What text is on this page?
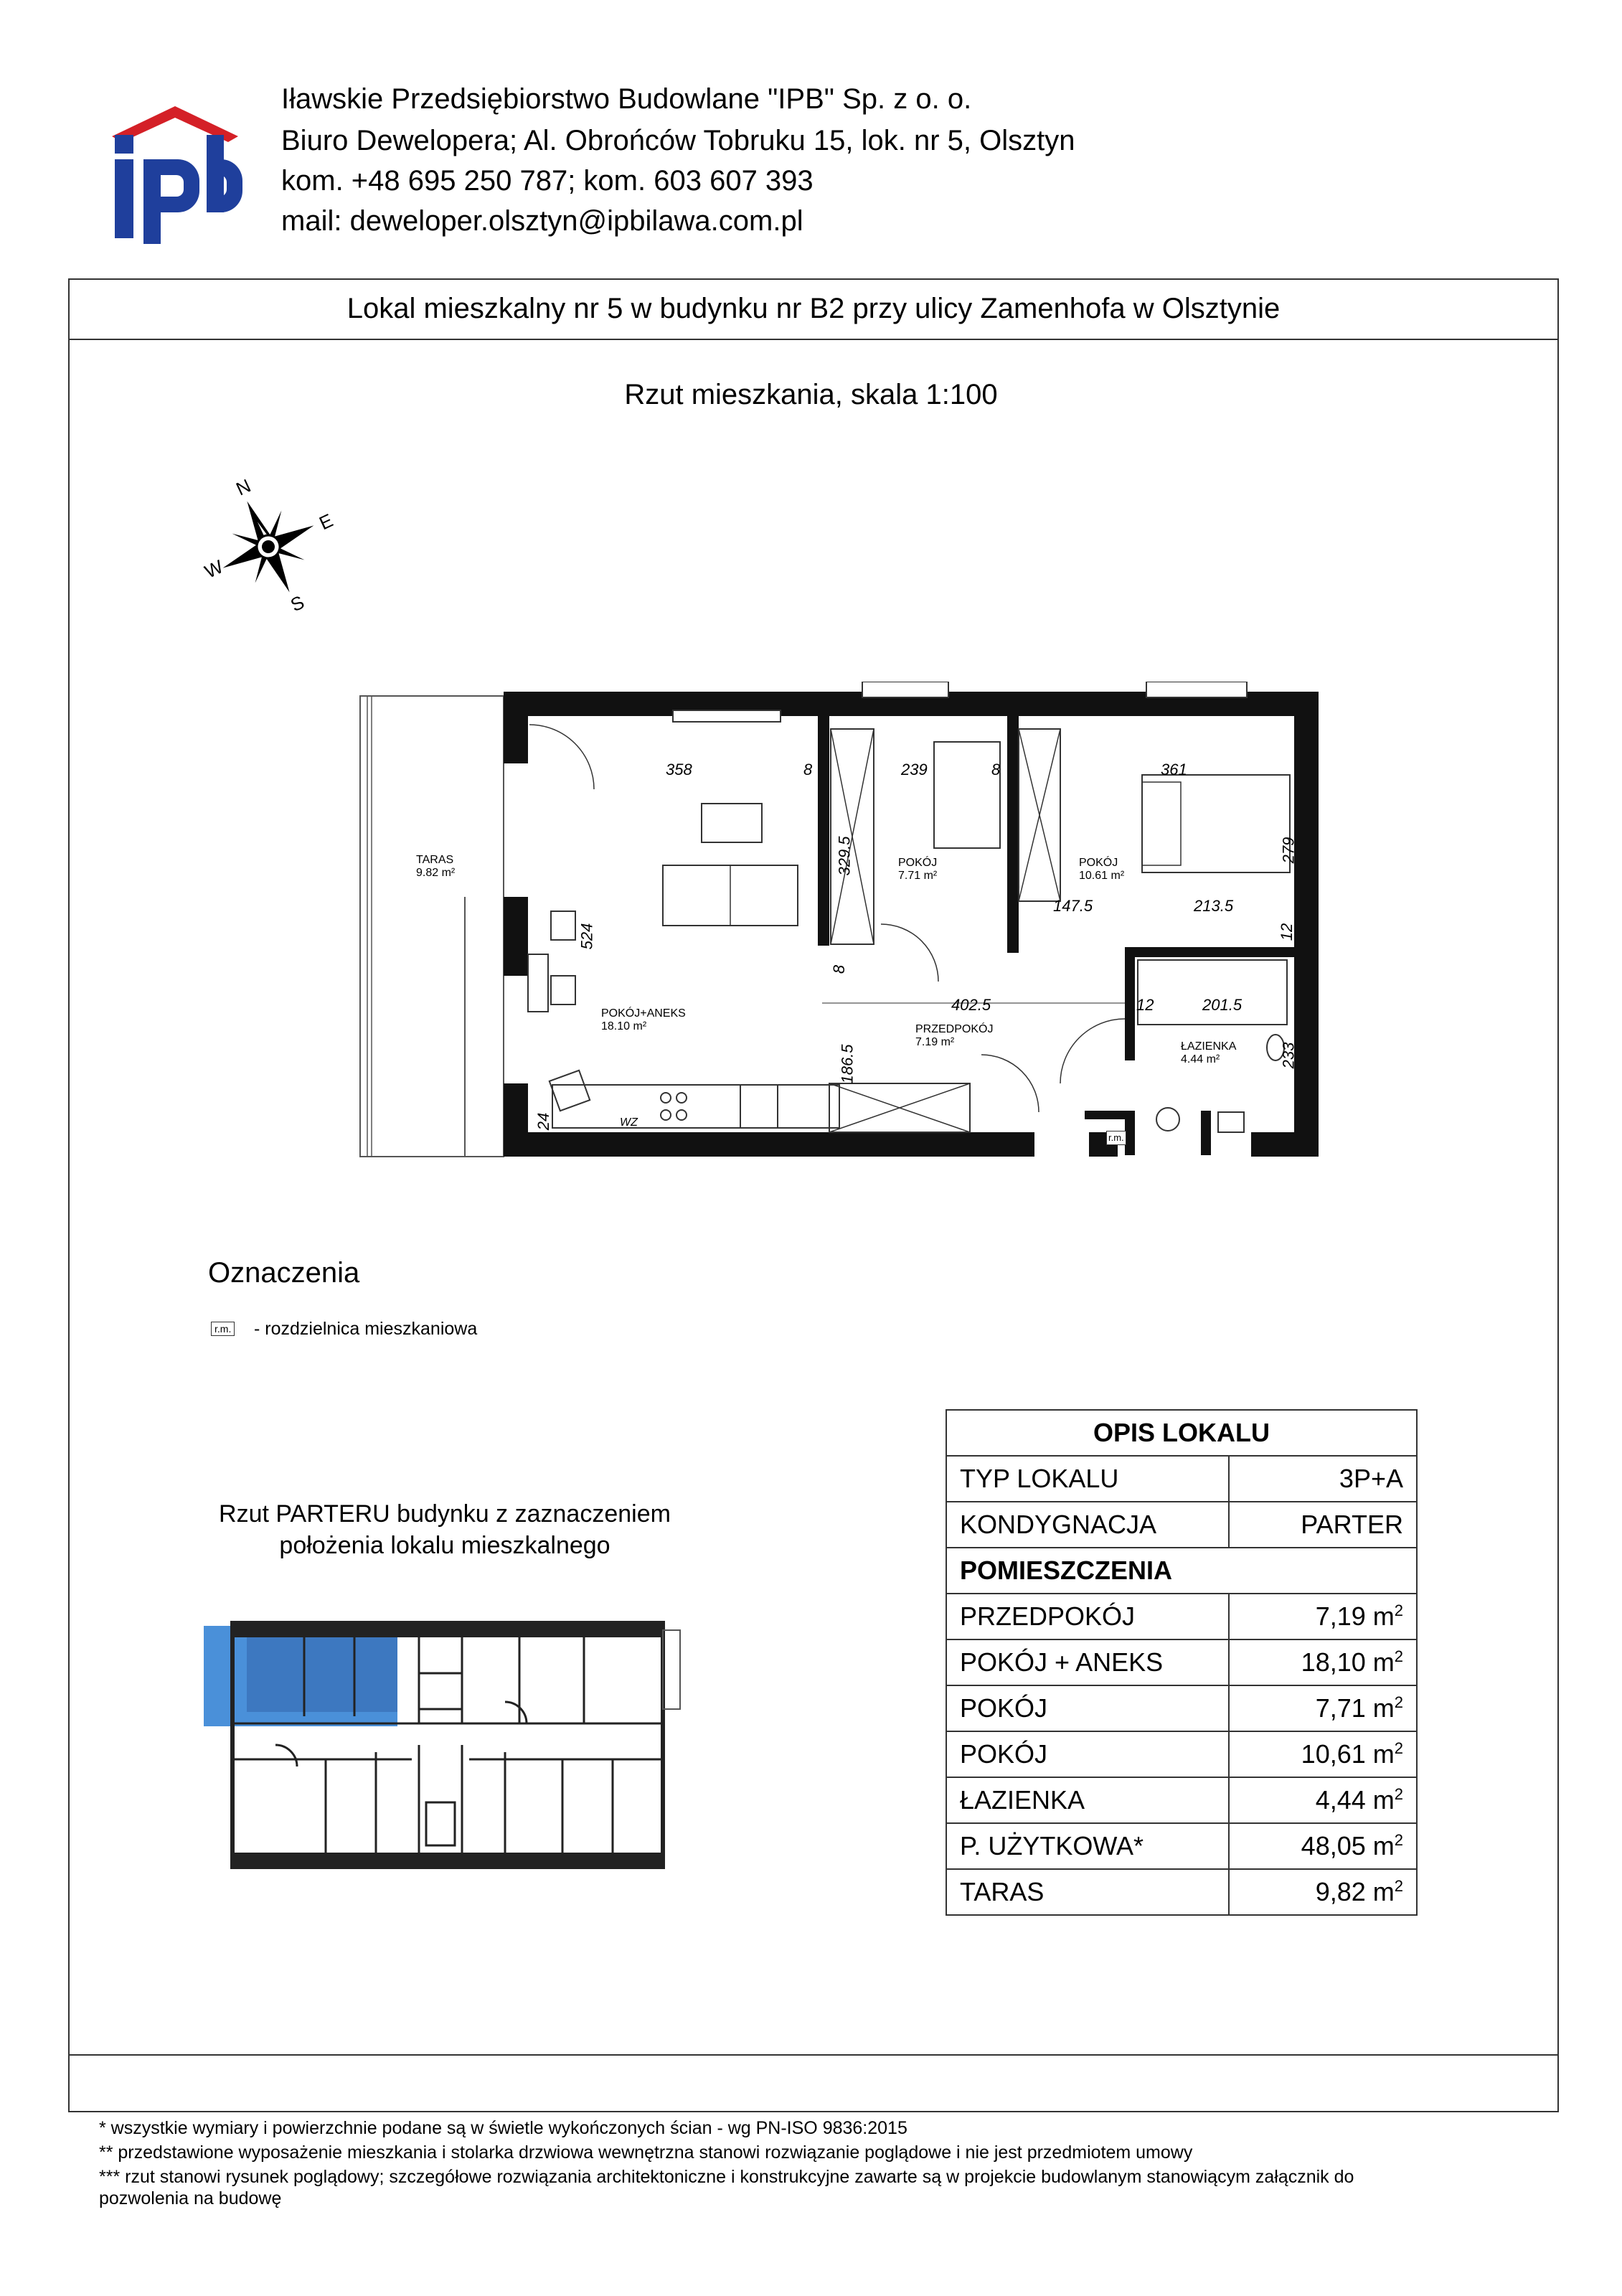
Iławskie Przedsiębiorstwo Budowlane "IPB" Sp. z o. o.
Biuro Dewelopera; Al. Obrońców Tobruku 15, lok. nr 5, Olsztyn
kom. +48 695 250 787; kom. 603 607 393
mail: deweloper.olsztyn@ipbilawa.com.pl
Lokal mieszkalny nr 5 w budynku nr B2 przy ulicy Zamenhofa w Olsztynie
Rzut mieszkania, skala 1:100
N
E
S
W
TARAS
9.82 m²
POKÓJ+ANEKS
18.10 m²
POKÓJ
7.71 m²
POKÓJ
10.61 m²
PRZEDPOKÓJ
7.19 m²	ŁAZIENKA
4.44 m²
358	8	239	8	361
329.5
8
279
147.5	213.5
12
524
402.5	12	201.5
186.5	233
24	WZ
r.m.
Oznaczenia
r.m. - rozdzielnica mieszkaniowa
Rzut PARTERU budynku z zaznaczeniem
położenia lokalu mieszkalnego
OPIS LOKALU	
TYP LOKALU	3P+A
KONDYGNACJA	PARTER
POMIESZCZENIA	
PRZEDPOKÓJ	7,19 $m^2$
POKÓJ + ANEKS	18,10 $m^2$
POKÓJ	7,71 $m^2$
POKÓJ	10,61 $m^2$
ŁAZIENKA	4,44 $m^2$
P. UŻYTKOWA*	48,05 $m^2$
TARAS	9,82 $m^2$
* wszystkie wymiary i powierzchnie podane są w świetle wykończonych ścian - wg PN-ISO 9836:2015
** przedstawione wyposażenie mieszkania i stolarka drzwiowa wewnętrzna stanowi rozwiązanie poglądowe i nie jest przedmiotem umowy
*** rzut stanowi rysunek poglądowy; szczegółowe rozwiązania architektoniczne i konstrukcyjne zawarte są w projekcie budowlanym stanowiącym załącznik do
pozwolenia na budowę
